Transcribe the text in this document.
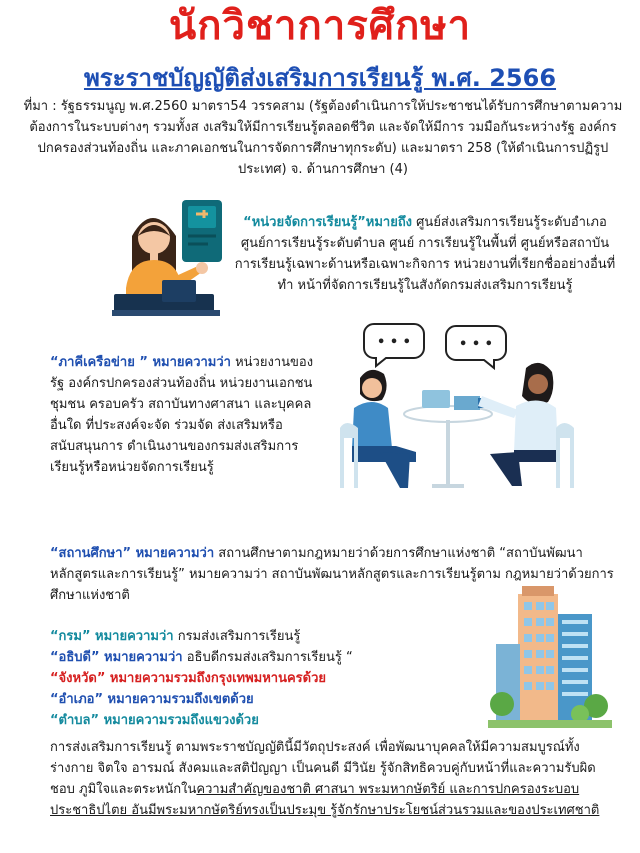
นักวิชาการศึกษา
พระราชบัญญัติส่งเสริมการเรียนรู้ พ.ศ. 2566
ที่มา : รัฐธรรมนูญ พ.ศ.2560 มาตรา54 วรรคสาม (รัฐต้องดำเนินการให้ประชาชนได้รับการศึกษาตามความต้องการในระบบต่างๆ รวมทั้งส งเสริมให้มีการเรียนรู้ตลอดชีวิต และจัดให้มีการ วมมือกันระหว่างรัฐ องค์กรปกครองส่วนท้องถิ่น และภาคเอกชนในการจัดการศึกษาทุกระดับ) และมาตรา 258 (ให้ดำเนินการปฏิรูปประเทศ) จ. ด้านการศึกษา (4)
“หน่วยจัดการเรียนรู้”หมายถึง ศูนย์ส่งเสริมการเรียนรู้ระดับอำเภอ ศูนย์การเรียนรู้ระดับตำบล ศูนย์ การเรียนรู้ในพื้นที่ ศูนย์หรือสถาบันการเรียนรู้เฉพาะด้านหรือเฉพาะกิจการ หน่วยงานที่เรียกชื่ออย่างอื่นที่ทำ หน้าที่จัดการเรียนรู้ในสังกัดกรมส่งเสริมการเรียนรู้
“ภาคีเครือข่าย ” หมายความว่า หน่วยงานของรัฐ องค์กรปกครองส่วนท้องถิ่น หน่วยงานเอกชน ชุมชน ครอบครัว สถาบันทางศาสนา และบุคคลอื่นใด ที่ประสงค์จะจัด ร่วมจัด ส่งเสริมหรือสนับสนุนการ ดำเนินงานของกรมส่งเสริมการเรียนรู้หรือหน่วยจัดการเรียนรู้
• • •	• • •
“สถานศึกษา” หมายความว่า สถานศึกษาตามกฎหมายว่าด้วยการศึกษาแห่งชาติ “สถาบันพัฒนาหลักสูตรและการเรียนรู้” หมายความว่า สถาบันพัฒนาหลักสูตรและการเรียนรู้ตาม กฎหมายว่าด้วยการศึกษาแห่งชาติ
“กรม” หมายความว่า กรมส่งเสริมการเรียนรู้
“อธิบดี” หมายความว่า อธิบดีกรมส่งเสริมการเรียนรู้ “
“จังหวัด” หมายความรวมถึงกรุงเทพมหานครด้วย
“อำเภอ” หมายความรวมถึงเขตด้วย
“ตำบล” หมายความรวมถึงแขวงด้วย
การส่งเสริมการเรียนรู้ ตามพระราชบัญญัตินี้มีวัตถุประสงค์ เพื่อพัฒนาบุคคลให้มีความสมบูรณ์ทั้งร่างกาย จิตใจ อารมณ์ สังคมและสติปัญญา เป็นคนดี มีวินัย รู้จักสิทธิควบคู่กับหน้าที่และความรับผิดชอบ ภูมิใจและตระหนักในความสำคัญของชาติ ศาสนา พระมหากษัตริย์ และการปกครองระบอบประชาธิปไตย อันมีพระมหากษัตริย์ทรงเป็นประมุข รู้จักรักษาประโยชน์ส่วนรวมและของประเทศชาติ
